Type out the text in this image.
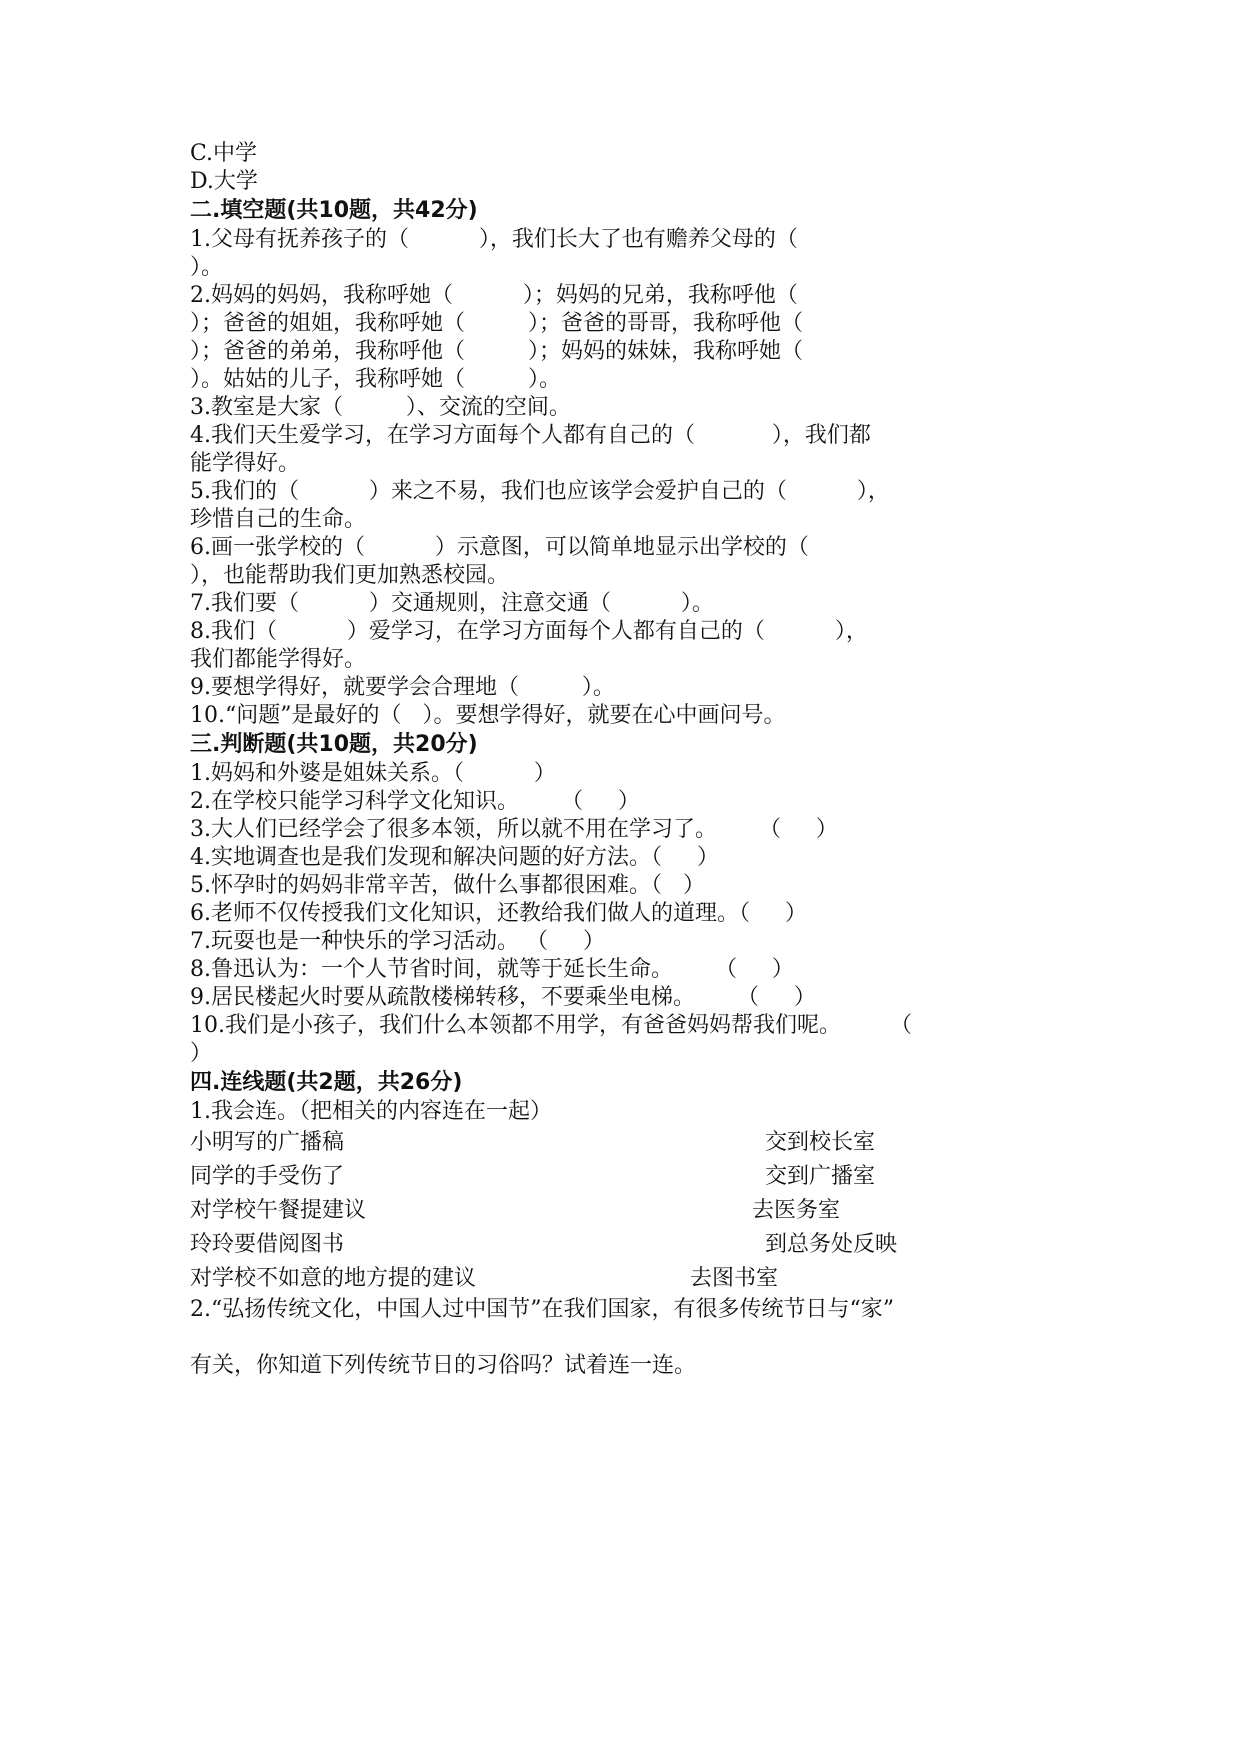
C.中学
D.大学
二.填空题(共10题，共42分)
1.父母有抚养孩子的（          ），我们长大了也有赡养父母的（
）。
2.妈妈的妈妈，我称呼她（          ）；妈妈的兄弟，我称呼他（
）；爸爸的姐姐，我称呼她（         ）；爸爸的哥哥，我称呼他（
）；爸爸的弟弟，我称呼他（         ）；妈妈的妹妹，我称呼她（
）。姑姑的儿子，我称呼她（         ）。
3.教室是大家（         ）、交流的空间。
4.我们天生爱学习，在学习方面每个人都有自己的（           ），我们都
能学得好。
5.我们的（          ）来之不易，我们也应该学会爱护自己的（          ），
珍惜自己的生命。
6.画一张学校的（          ）示意图，可以简单地显示出学校的（
），也能帮助我们更加熟悉校园。
7.我们要（          ）交通规则，注意交通（          ）。
8.我们（          ）爱学习，在学习方面每个人都有自己的（          ），
我们都能学得好。
9.要想学得好，就要学会合理地（         ）。
10.“问题”是最好的（   ）。要想学得好，就要在心中画问号。
三.判断题(共10题，共20分)
1.妈妈和外婆是姐妹关系。（          ）
2.在学校只能学习科学文化知识。      （     ）
3.大人们已经学会了很多本领，所以就不用在学习了。      （     ）
4.实地调查也是我们发现和解决问题的好方法。（     ）
5.怀孕时的妈妈非常辛苦，做什么事都很困难。（   ）
6.老师不仅传授我们文化知识，还教给我们做人的道理。（     ）
7.玩耍也是一种快乐的学习活动。 （     ）
8.鲁迅认为：一个人节省时间，就等于延长生命。      （     ）
9.居民楼起火时要从疏散楼梯转移，不要乘坐电梯。      （     ）
10.我们是小孩子，我们什么本领都不用学，有爸爸妈妈帮我们呢。       （
）
四.连线题(共2题，共26分)
1.我会连。（把相关的内容连在一起）
小明写的广播稿	交到校长室
同学的手受伤了	交到广播室
对学校午餐提建议	去医务室
玲玲要借阅图书	到总务处反映
对学校不如意的地方提的建议	去图书室
2.“弘扬传统文化，中国人过中国节”在我们国家，有很多传统节日与“家”
有关，你知道下列传统节日的习俗吗？试着连一连。
